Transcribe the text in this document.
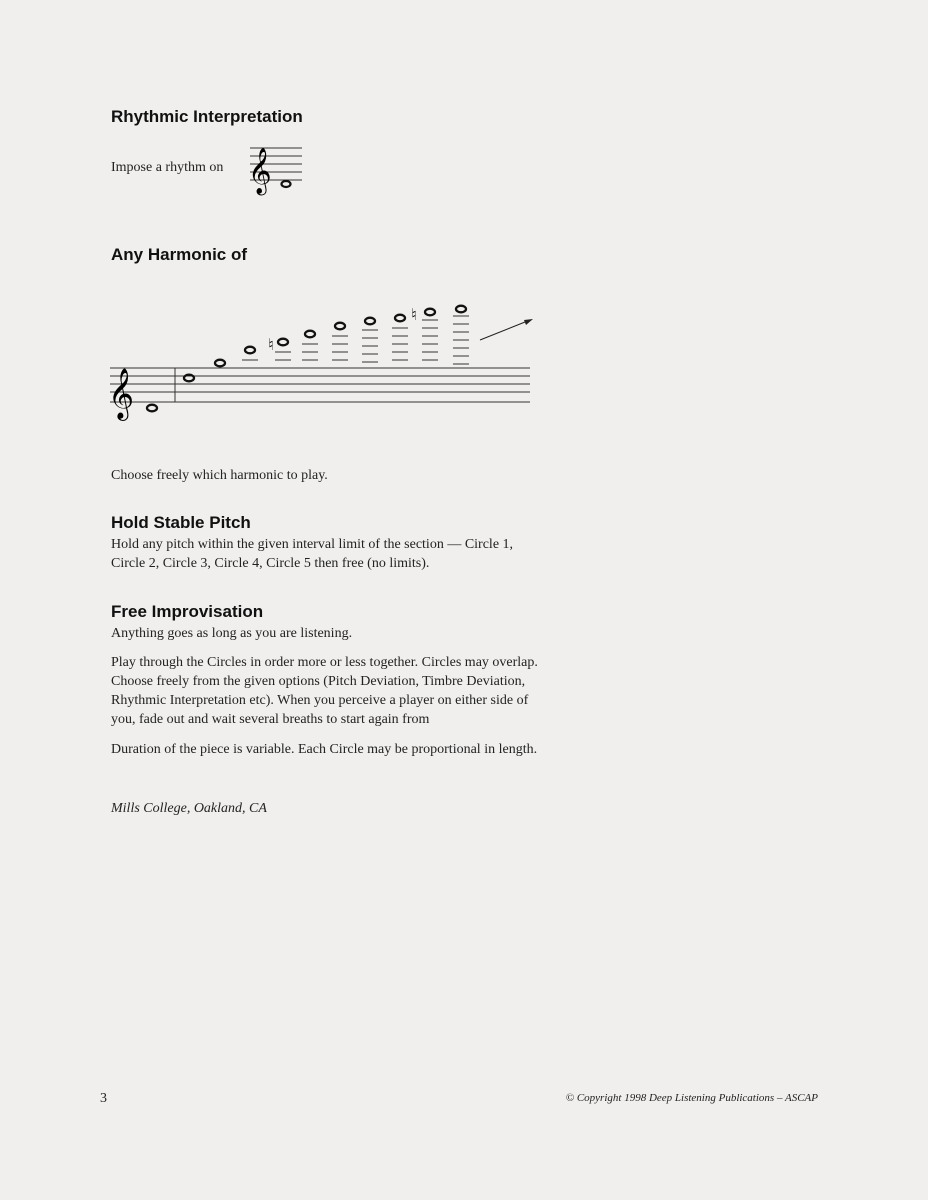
Rhythmic Interpretation

Impose a rhythm on 𝄞
Any Harmonic of
𝄞
♮
♮

Choose freely which harmonic to play.

Hold Stable Pitch

Hold any pitch within the given interval limit of the section — Circle 1,
Circle 2, Circle 3, Circle 4, Circle 5 then free (no limits).

Free Improvisation

Anything goes as long as you are listening.

Play through the Circles in order more or less together. Circles may overlap.
Choose freely from the given options (Pitch Deviation, Timbre Deviation,
Rhythmic Interpretation etc). When you perceive a player on either side of
you, fade out and wait several breaths to start again from

Duration of the piece is variable. Each Circle may be proportional in length.

Mills College, Oakland, CA

3	© Copyright 1998 Deep Listening Publications – ASCAP
